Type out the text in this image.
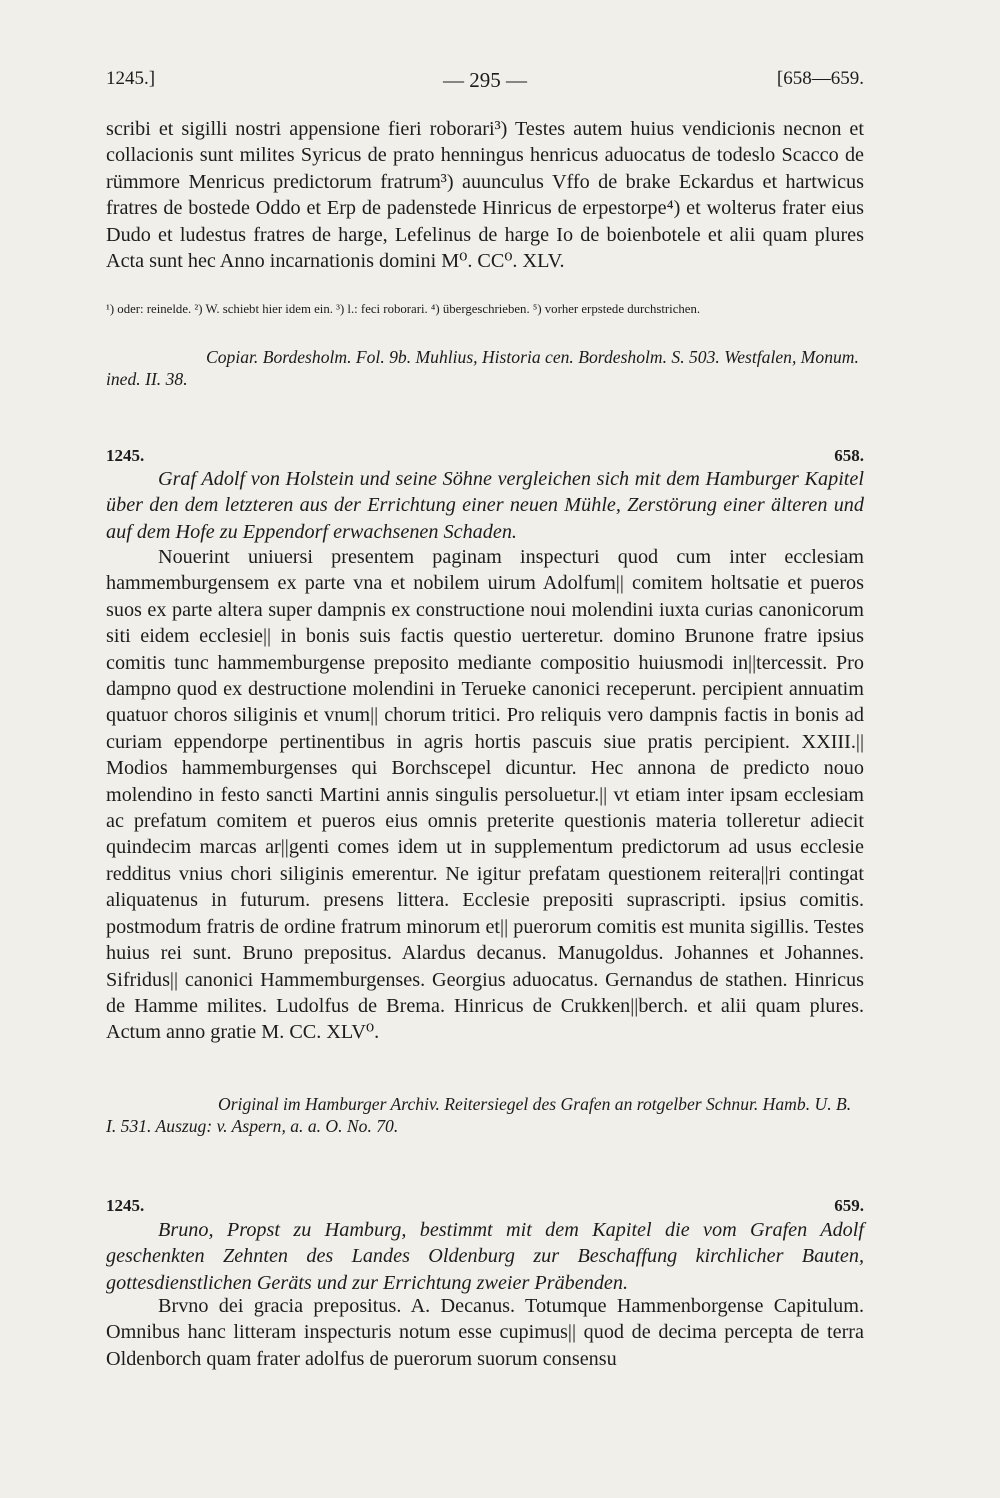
1245.]	— 295 —	[658—659.

scribi et sigilli nostri appensione fieri roborari³) Testes autem huius vendicionis necnon et collacionis sunt milites Syricus de prato henningus henricus aduocatus de todeslo Scacco de rümmore Menricus predictorum fratrum³) auunculus Vffo de brake Eckardus et hartwicus fratres de bostede Oddo et Erp de padenstede Hinricus de erpestorpe⁴) et wolterus frater eius Dudo et ludestus fratres de harge, Lefelinus de harge Io de boienbotele et alii quam plures Acta sunt hec Anno incarnationis domini M⁰. CC⁰. XLV.

¹) oder: reinelde. ²) W. schiebt hier idem ein. ³) l.: feci roborari. ⁴) übergeschrieben. ⁵) vorher erpstede durchstrichen.

Copiar. Bordesholm. Fol. 9b. Muhlius, Historia cen. Bordesholm. S. 503. Westfalen, Monum. ined. II. 38.

1245.	658.

Graf Adolf von Holstein und seine Söhne vergleichen sich mit dem Hamburger Kapitel über den dem letzteren aus der Errichtung einer neuen Mühle, Zerstörung einer älteren und auf dem Hofe zu Eppendorf erwachsenen Schaden.

Nouerint uniuersi presentem paginam inspecturi quod cum inter ecclesiam hammemburgensem ex parte vna et nobilem uirum Adolfum|| comitem holtsatie et pueros suos ex parte altera super dampnis ex constructione noui molendini iuxta curias canonicorum siti eidem ecclesie|| in bonis suis factis questio uerteretur. domino Brunone fratre ipsius comitis tunc hammemburgense preposito mediante compositio huiusmodi in||tercessit. Pro dampno quod ex destructione molendini in Terueke canonici receperunt. percipient annuatim quatuor choros siliginis et vnum|| chorum tritici. Pro reliquis vero dampnis factis in bonis ad curiam eppendorpe pertinentibus in agris hortis pascuis siue pratis percipient. XXIII.|| Modios hammemburgenses qui Borchscepel dicuntur. Hec annona de predicto nouo molendino in festo sancti Martini annis singulis persoluetur.|| vt etiam inter ipsam ecclesiam ac prefatum comitem et pueros eius omnis preterite questionis materia tolleretur adiecit quindecim marcas ar||genti comes idem ut in supplementum predictorum ad usus ecclesie redditus vnius chori siliginis emerentur. Ne igitur prefatam questionem reitera||ri contingat aliquatenus in futurum. presens littera. Ecclesie prepositi suprascripti. ipsius comitis. postmodum fratris de ordine fratrum minorum et|| puerorum comitis est munita sigillis. Testes huius rei sunt. Bruno prepositus. Alardus decanus. Manugoldus. Johannes et Johannes. Sifridus|| canonici Hammemburgenses. Georgius aduocatus. Gernandus de stathen. Hinricus de Hamme milites. Ludolfus de Brema. Hinricus de Crukken||berch. et alii quam plures. Actum anno gratie M. CC. XLV⁰.

Original im Hamburger Archiv. Reitersiegel des Grafen an rotgelber Schnur. Hamb. U. B. I. 531. Auszug: v. Aspern, a. a. O. No. 70.

1245.	659.

Bruno, Propst zu Hamburg, bestimmt mit dem Kapitel die vom Grafen Adolf geschenkten Zehnten des Landes Oldenburg zur Beschaffung kirchlicher Bauten, gottesdienstlichen Geräts und zur Errichtung zweier Präbenden.

Brvno dei gracia prepositus. A. Decanus. Totumque Hammenborgense Capitulum. Omnibus hanc litteram inspecturis notum esse cupimus|| quod de decima percepta de terra Oldenborch quam frater adolfus de puerorum suorum consensu
